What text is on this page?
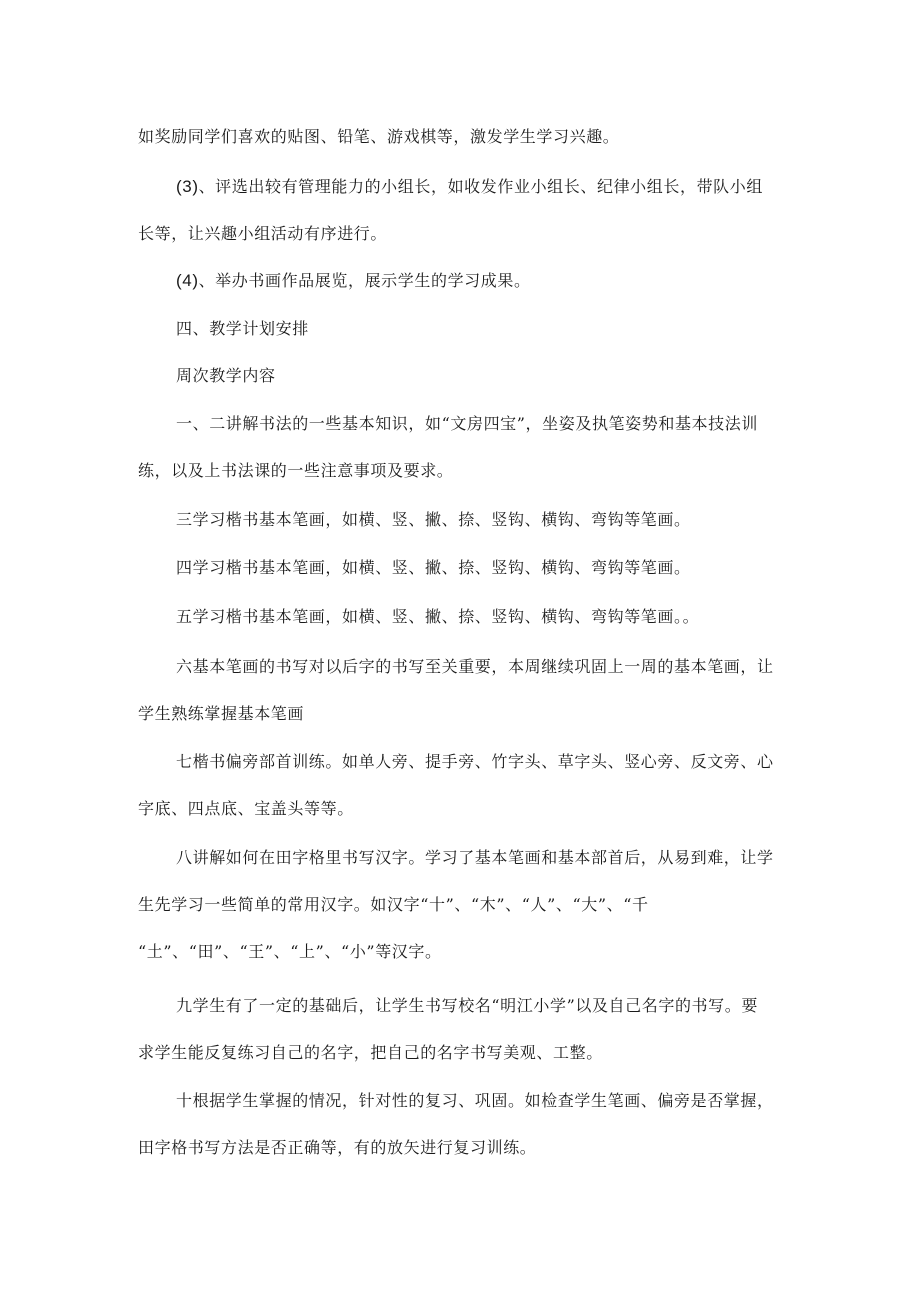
如奖励同学们喜欢的贴图、铅笔、游戏棋等，激发学生学习兴趣。
(3)、评选出较有管理能力的小组长，如收发作业小组长、纪律小组长，带队小组
长等，让兴趣小组活动有序进行。
(4)、举办书画作品展览，展示学生的学习成果。
四、教学计划安排
周次教学内容
一、二讲解书法的一些基本知识，如“文房四宝”，坐姿及执笔姿势和基本技法训
练，以及上书法课的一些注意事项及要求。
三学习楷书基本笔画，如横、竖、撇、捺、竖钩、横钩、弯钩等笔画。
四学习楷书基本笔画，如横、竖、撇、捺、竖钩、横钩、弯钩等笔画。
五学习楷书基本笔画，如横、竖、撇、捺、竖钩、横钩、弯钩等笔画。。
六基本笔画的书写对以后字的书写至关重要，本周继续巩固上一周的基本笔画，让
学生熟练掌握基本笔画
七楷书偏旁部首训练。如单人旁、提手旁、竹字头、草字头、竖心旁、反文旁、心
字底、四点底、宝盖头等等。
八讲解如何在田字格里书写汉字。学习了基本笔画和基本部首后，从易到难，让学
生先学习一些简单的常用汉字。如汉字“十”、“木”、“人”、“大”、“千
“土”、“田”、“王”、“上”、“小”等汉字。
九学生有了一定的基础后，让学生书写校名“明江小学”以及自己名字的书写。要
求学生能反复练习自己的名字，把自己的名字书写美观、工整。
十根据学生掌握的情况，针对性的复习、巩固。如检查学生笔画、偏旁是否掌握，
田字格书写方法是否正确等，有的放矢进行复习训练。
